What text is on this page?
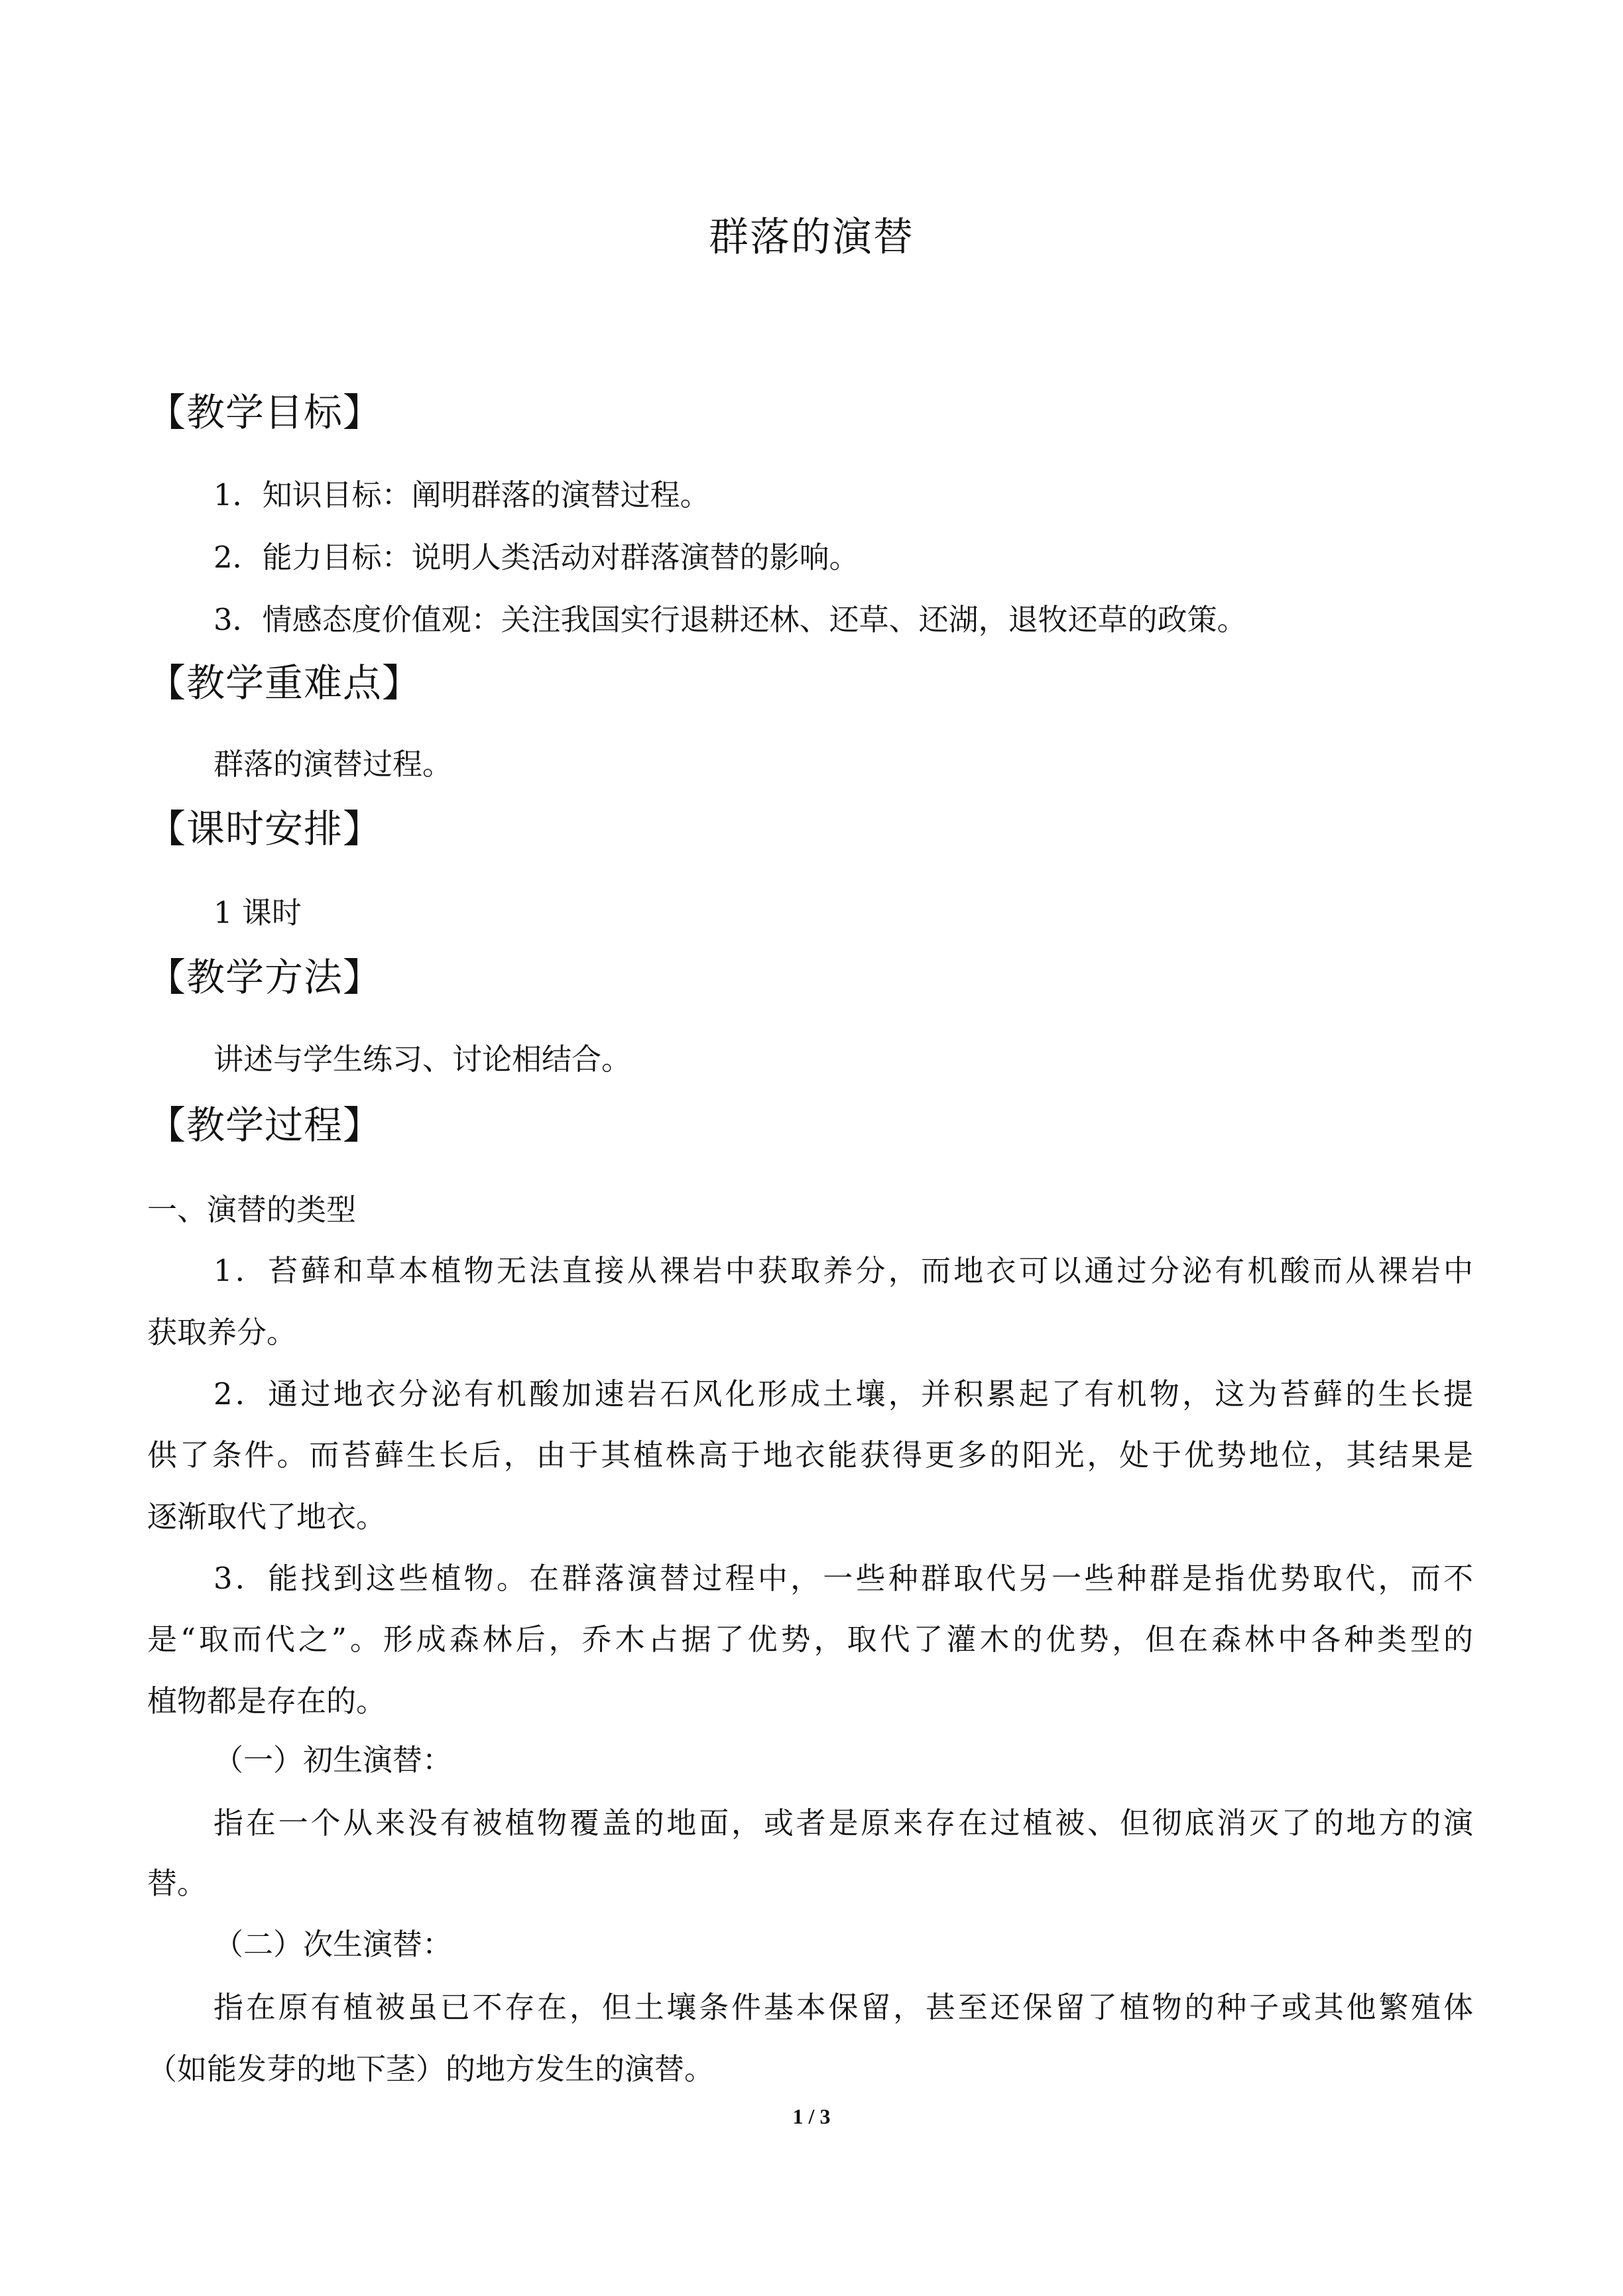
群落的演替
【教学目标】
1．知识目标：阐明群落的演替过程。
2．能力目标：说明人类活动对群落演替的影响。
3．情感态度价值观：关注我国实行退耕还林、还草、还湖，退牧还草的政策。
【教学重难点】
群落的演替过程。
【课时安排】
1 课时
【教学方法】
讲述与学生练习、讨论相结合。
【教学过程】
一、演替的类型
1．苔藓和草本植物无法直接从裸岩中获取养分，而地衣可以通过分泌有机酸而从裸岩中
获取养分。
2．通过地衣分泌有机酸加速岩石风化形成土壤，并积累起了有机物，这为苔藓的生长提
供了条件。而苔藓生长后，由于其植株高于地衣能获得更多的阳光，处于优势地位，其结果是
逐渐取代了地衣。
3．能找到这些植物。在群落演替过程中，一些种群取代另一些种群是指优势取代，而不
是“取而代之”。形成森林后，乔木占据了优势，取代了灌木的优势，但在森林中各种类型的
植物都是存在的。
（一）初生演替：
指在一个从来没有被植物覆盖的地面，或者是原来存在过植被、但彻底消灭了的地方的演
替。
（二）次生演替：
指在原有植被虽已不存在，但土壤条件基本保留，甚至还保留了植物的种子或其他繁殖体
（如能发芽的地下茎）的地方发生的演替。
1 / 3
